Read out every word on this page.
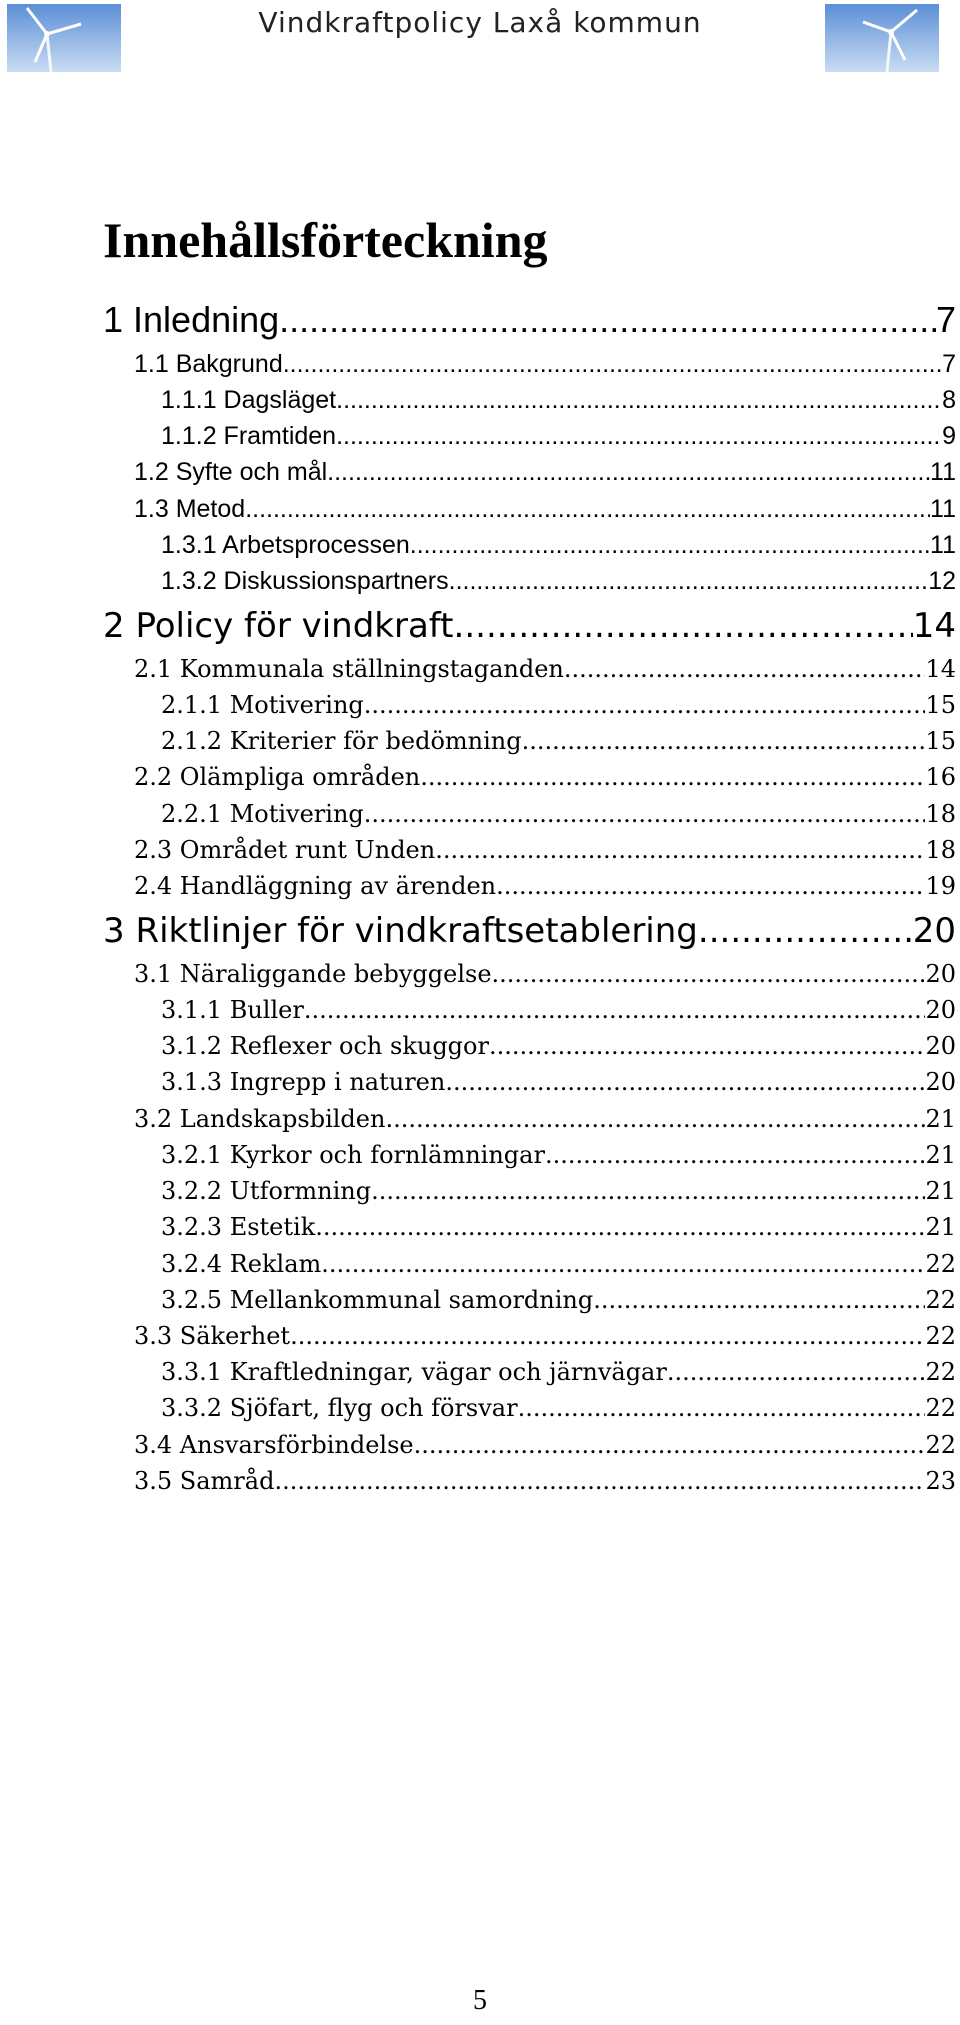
Vindkraftpolicy Laxå kommun
Innehållsförteckning
1 Inledning .....	7
1.1 Bakgrund .....	7
1.1.1 Dagsläget .....	8
1.1.2 Framtiden .....	9
1.2 Syfte och mål .....	11
1.3 Metod .....	11
1.3.1 Arbetsprocessen .....	11
1.3.2 Diskussionspartners .....	12
2 Policy för vindkraft .....	14
2.1 Kommunala ställningstaganden .....	14
2.1.1 Motivering .....	15
2.1.2 Kriterier för bedömning .....	15
2.2 Olämpliga områden .....	16
2.2.1 Motivering .....	18
2.3 Området runt Unden .....	18
2.4 Handläggning av ärenden .....	19
3 Riktlinjer för vindkraftsetablering .....	20
3.1 Näraliggande bebyggelse .....	20
3.1.1 Buller .....	20
3.1.2 Reflexer och skuggor .....	20
3.1.3 Ingrepp i naturen .....	20
3.2 Landskapsbilden .....	21
3.2.1 Kyrkor och fornlämningar .....	21
3.2.2 Utformning .....	21
3.2.3 Estetik .....	21
3.2.4 Reklam .....	22
3.2.5 Mellankommunal samordning .....	22
3.3 Säkerhet .....	22
3.3.1 Kraftledningar, vägar och järnvägar .....	22
3.3.2 Sjöfart, flyg och försvar .....	22
3.4 Ansvarsförbindelse .....	22
3.5 Samråd .....	23
5
